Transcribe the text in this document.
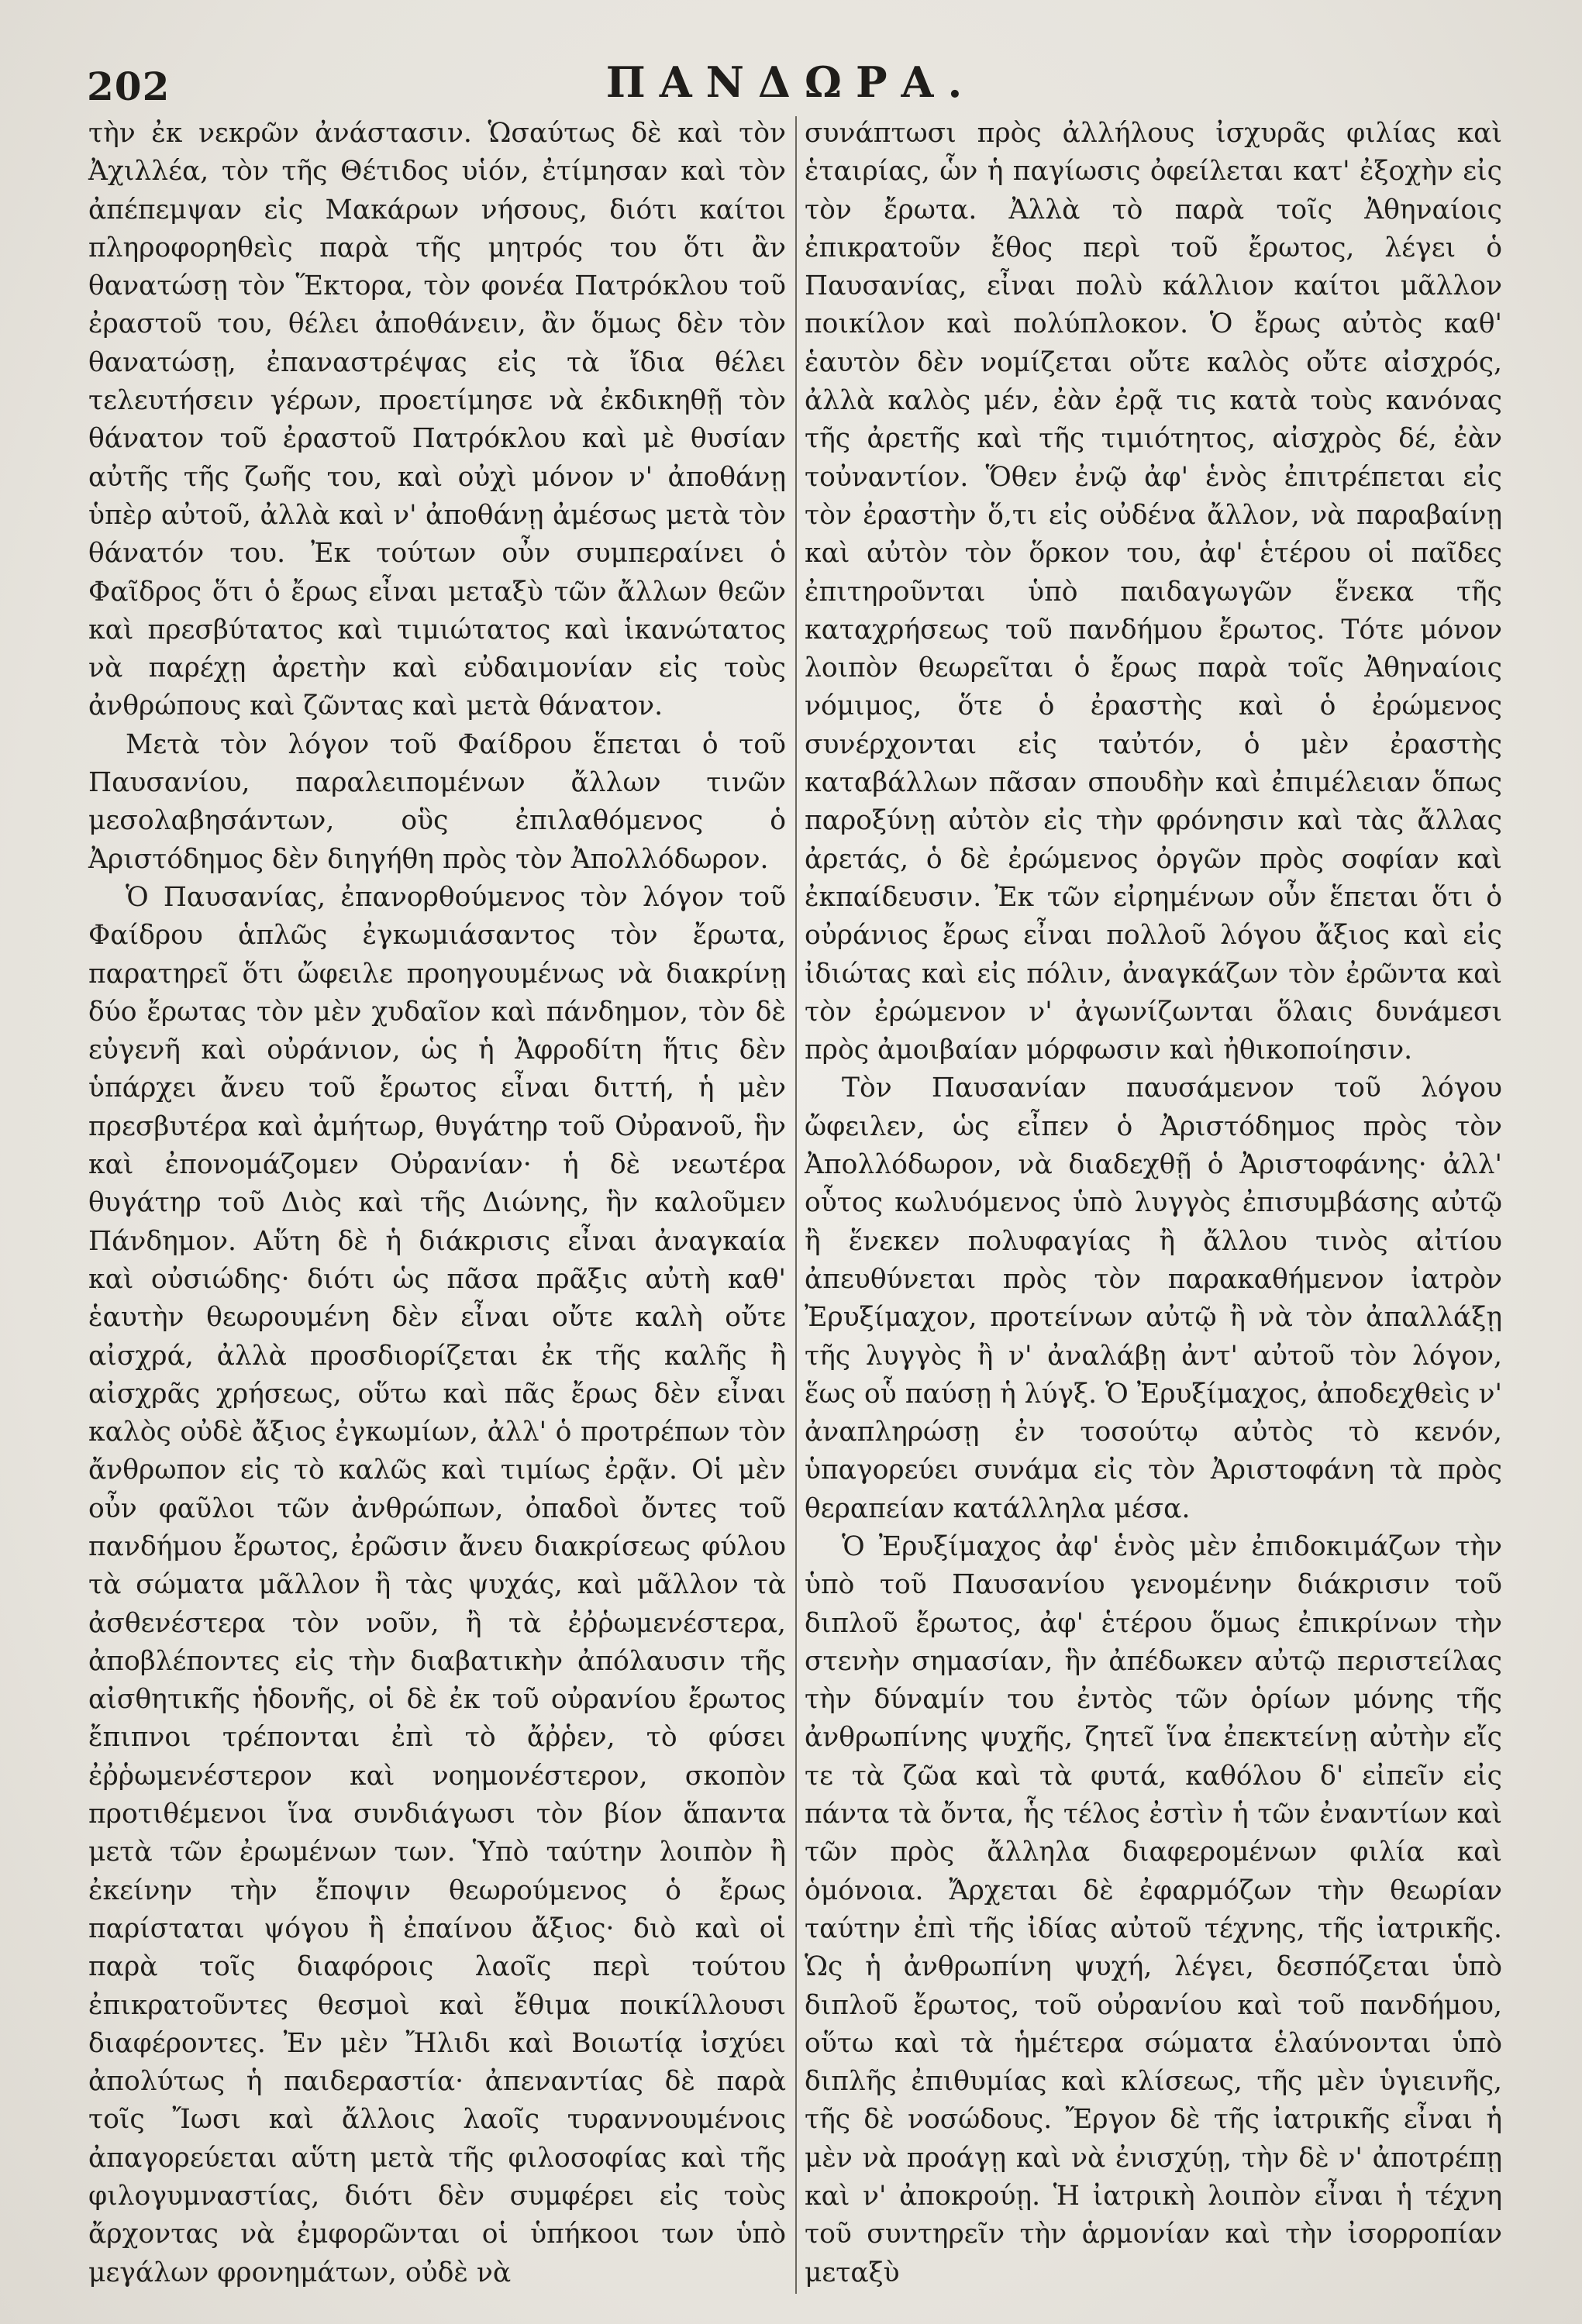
202	ΠΑΝΔΩΡΑ.

τὴν ἐκ νεκρῶν ἀνάστασιν. Ὡσαύτως δὲ καὶ τὸν Ἀχιλλέα, τὸν τῆς Θέτιδος υἱόν, ἐτίμησαν καὶ τὸν ἀπέπεμψαν εἰς Μακάρων νήσους, διότι καίτοι πληροφορηθεὶς παρὰ τῆς μητρός του ὅτι ἂν θανατώσῃ τὸν Ἕκτορα, τὸν φονέα Πατρόκλου τοῦ ἐραστοῦ του, θέλει ἀποθάνειν, ἂν ὅμως δὲν τὸν θανατώσῃ, ἐπαναστρέψας εἰς τὰ ἴδια θέλει τελευτήσειν γέρων, προετίμησε νὰ ἐκδικηθῇ τὸν θάνατον τοῦ ἐραστοῦ Πατρόκλου καὶ μὲ θυσίαν αὐτῆς τῆς ζωῆς του, καὶ οὐχὶ μόνον ν' ἀποθάνῃ ὑπὲρ αὐτοῦ, ἀλλὰ καὶ ν' ἀποθάνῃ ἀμέσως μετὰ τὸν θάνατόν του. Ἐκ τούτων οὖν συμπεραίνει ὁ Φαῖδρος ὅτι ὁ ἔρως εἶναι μεταξὺ τῶν ἄλλων θεῶν καὶ πρεσβύτατος καὶ τιμιώτατος καὶ ἱκανώτατος νὰ παρέχῃ ἀρετὴν καὶ εὐδαιμονίαν εἰς τοὺς ἀνθρώπους καὶ ζῶντας καὶ μετὰ θάνατον.

Μετὰ τὸν λόγον τοῦ Φαίδρου ἕπεται ὁ τοῦ Παυσανίου, παραλειπομένων ἄλλων τινῶν μεσολαβησάντων, οὓς ἐπιλαθόμενος ὁ Ἀριστόδημος δὲν διηγήθη πρὸς τὸν Ἀπολλόδωρον.

Ὁ Παυσανίας, ἐπανορθούμενος τὸν λόγον τοῦ Φαίδρου ἁπλῶς ἐγκωμιάσαντος τὸν ἔρωτα, παρατηρεῖ ὅτι ὤφειλε προηγουμένως νὰ διακρίνῃ δύο ἔρωτας τὸν μὲν χυδαῖον καὶ πάνδημον, τὸν δὲ εὐγενῆ καὶ οὐράνιον, ὡς ἡ Ἀφροδίτη ἥτις δὲν ὑπάρχει ἄνευ τοῦ ἔρωτος εἶναι διττή, ἡ μὲν πρεσβυτέρα καὶ ἀμήτωρ, θυγάτηρ τοῦ Οὐρανοῦ, ἣν καὶ ἐπονομάζομεν Οὐρανίαν· ἡ δὲ νεωτέρα θυγάτηρ τοῦ Διὸς καὶ τῆς Διώνης, ἣν καλοῦμεν Πάνδημον. Αὕτη δὲ ἡ διάκρισις εἶναι ἀναγκαία καὶ οὐσιώδης· διότι ὡς πᾶσα πρᾶξις αὐτὴ καθ' ἑαυτὴν θεωρουμένη δὲν εἶναι οὔτε καλὴ οὔτε αἰσχρά, ἀλλὰ προσδιορίζεται ἐκ τῆς καλῆς ἢ αἰσχρᾶς χρήσεως, οὕτω καὶ πᾶς ἔρως δὲν εἶναι καλὸς οὐδὲ ἄξιος ἐγκωμίων, ἀλλ' ὁ προτρέπων τὸν ἄνθρωπον εἰς τὸ καλῶς καὶ τιμίως ἐρᾷν. Οἱ μὲν οὖν φαῦλοι τῶν ἀνθρώπων, ὀπαδοὶ ὄντες τοῦ πανδήμου ἔρωτος, ἐρῶσιν ἄνευ διακρίσεως φύλου τὰ σώματα μᾶλλον ἢ τὰς ψυχάς, καὶ μᾶλλον τὰ ἀσθενέστερα τὸν νοῦν, ἢ τὰ ἐῤῥωμενέστερα, ἀποβλέποντες εἰς τὴν διαβατικὴν ἀπόλαυσιν τῆς αἰσθητικῆς ἡδονῆς, οἱ δὲ ἐκ τοῦ οὐρανίου ἔρωτος ἔπιπνοι τρέπονται ἐπὶ τὸ ἄῤῥεν, τὸ φύσει ἐῤῥωμενέστερον καὶ νοημονέστερον, σκοπὸν προτιθέμενοι ἵνα συνδιάγωσι τὸν βίον ἅπαντα μετὰ τῶν ἐρωμένων των. Ὑπὸ ταύτην λοιπὸν ἢ ἐκείνην τὴν ἔποψιν θεωρούμενος ὁ ἔρως παρίσταται ψόγου ἢ ἐπαίνου ἄξιος· διὸ καὶ οἱ παρὰ τοῖς διαφόροις λαοῖς περὶ τούτου ἐπικρατοῦντες θεσμοὶ καὶ ἔθιμα ποικίλλουσι διαφέροντες. Ἐν μὲν Ἤλιδι καὶ Βοιωτίᾳ ἰσχύει ἀπολύτως ἡ παιδεραστία· ἀπεναντίας δὲ παρὰ τοῖς Ἴωσι καὶ ἄλλοις λαοῖς τυραννουμένοις ἀπαγορεύεται αὕτη μετὰ τῆς φιλοσοφίας καὶ τῆς φιλογυμναστίας, διότι δὲν συμφέρει εἰς τοὺς ἄρχοντας νὰ ἐμφορῶνται οἱ ὑπήκοοι των ὑπὸ μεγάλων φρονημάτων, οὐδὲ νὰ

συνάπτωσι πρὸς ἀλλήλους ἰσχυρᾶς φιλίας καὶ ἑταιρίας, ὧν ἡ παγίωσις ὀφείλεται κατ' ἐξοχὴν εἰς τὸν ἔρωτα. Ἀλλὰ τὸ παρὰ τοῖς Ἀθηναίοις ἐπικρατοῦν ἔθος περὶ τοῦ ἔρωτος, λέγει ὁ Παυσανίας, εἶναι πολὺ κάλλιον καίτοι μᾶλλον ποικίλον καὶ πολύπλοκον. Ὁ ἔρως αὐτὸς καθ' ἑαυτὸν δὲν νομίζεται οὔτε καλὸς οὔτε αἰσχρός, ἀλλὰ καλὸς μέν, ἐὰν ἐρᾷ τις κατὰ τοὺς κανόνας τῆς ἀρετῆς καὶ τῆς τιμιότητος, αἰσχρὸς δέ, ἐὰν τοὐναντίον. Ὅθεν ἐνῷ ἀφ' ἑνὸς ἐπιτρέπεται εἰς τὸν ἐραστὴν ὅ,τι εἰς οὐδένα ἄλλον, νὰ παραβαίνῃ καὶ αὐτὸν τὸν ὅρκον του, ἀφ' ἑτέρου οἱ παῖδες ἐπιτηροῦνται ὑπὸ παιδαγωγῶν ἕνεκα τῆς καταχρήσεως τοῦ πανδήμου ἔρωτος. Τότε μόνον λοιπὸν θεωρεῖται ὁ ἔρως παρὰ τοῖς Ἀθηναίοις νόμιμος, ὅτε ὁ ἐραστὴς καὶ ὁ ἐρώμενος συνέρχονται εἰς ταὐτόν, ὁ μὲν ἐραστὴς καταβάλλων πᾶσαν σπουδὴν καὶ ἐπιμέλειαν ὅπως παροξύνῃ αὐτὸν εἰς τὴν φρόνησιν καὶ τὰς ἄλλας ἀρετάς, ὁ δὲ ἐρώμενος ὀργῶν πρὸς σοφίαν καὶ ἐκπαίδευσιν. Ἐκ τῶν εἰρημένων οὖν ἕπεται ὅτι ὁ οὐράνιος ἔρως εἶναι πολλοῦ λόγου ἄξιος καὶ εἰς ἰδιώτας καὶ εἰς πόλιν, ἀναγκάζων τὸν ἐρῶντα καὶ τὸν ἐρώμενον ν' ἀγωνίζωνται ὅλαις δυνάμεσι πρὸς ἀμοιβαίαν μόρφωσιν καὶ ἠθικοποίησιν.

Τὸν Παυσανίαν παυσάμενον τοῦ λόγου ὤφειλεν, ὡς εἶπεν ὁ Ἀριστόδημος πρὸς τὸν Ἀπολλόδωρον, νὰ διαδεχθῇ ὁ Ἀριστοφάνης· ἀλλ' οὗτος κωλυόμενος ὑπὸ λυγγὸς ἐπισυμβάσης αὐτῷ ἢ ἕνεκεν πολυφαγίας ἢ ἄλλου τινὸς αἰτίου ἀπευθύνεται πρὸς τὸν παρακαθήμενον ἰατρὸν Ἐρυξίμαχον, προτείνων αὐτῷ ἢ νὰ τὸν ἀπαλλάξῃ τῆς λυγγὸς ἢ ν' ἀναλάβῃ ἀντ' αὐτοῦ τὸν λόγον, ἕως οὗ παύσῃ ἡ λύγξ. Ὁ Ἐρυξίμαχος, ἀποδεχθεὶς ν' ἀναπληρώσῃ ἐν τοσούτῳ αὐτὸς τὸ κενόν, ὑπαγορεύει συνάμα εἰς τὸν Ἀριστοφάνη τὰ πρὸς θεραπείαν κατάλληλα μέσα.

Ὁ Ἐρυξίμαχος ἀφ' ἑνὸς μὲν ἐπιδοκιμάζων τὴν ὑπὸ τοῦ Παυσανίου γενομένην διάκρισιν τοῦ διπλοῦ ἔρωτος, ἀφ' ἑτέρου ὅμως ἐπικρίνων τὴν στενὴν σημασίαν, ἣν ἀπέδωκεν αὐτῷ περιστείλας τὴν δύναμίν του ἐντὸς τῶν ὁρίων μόνης τῆς ἀνθρωπίνης ψυχῆς, ζητεῖ ἵνα ἐπεκτείνῃ αὐτὴν εἴς τε τὰ ζῶα καὶ τὰ φυτά, καθόλου δ' εἰπεῖν εἰς πάντα τὰ ὄντα, ἧς τέλος ἐστὶν ἡ τῶν ἐναντίων καὶ τῶν πρὸς ἄλληλα διαφερομένων φιλία καὶ ὁμόνοια. Ἄρχεται δὲ ἐφαρμόζων τὴν θεωρίαν ταύτην ἐπὶ τῆς ἰδίας αὐτοῦ τέχνης, τῆς ἰατρικῆς. Ὡς ἡ ἀνθρωπίνη ψυχή, λέγει, δεσπόζεται ὑπὸ διπλοῦ ἔρωτος, τοῦ οὐρανίου καὶ τοῦ πανδήμου, οὕτω καὶ τὰ ἡμέτερα σώματα ἑλαύνονται ὑπὸ διπλῆς ἐπιθυμίας καὶ κλίσεως, τῆς μὲν ὑγιεινῆς, τῆς δὲ νοσώδους. Ἔργον δὲ τῆς ἰατρικῆς εἶναι ἡ μὲν νὰ προάγῃ καὶ νὰ ἐνισχύῃ, τὴν δὲ ν' ἀποτρέπῃ καὶ ν' ἀποκρούῃ. Ἡ ἰατρικὴ λοιπὸν εἶναι ἡ τέχνη τοῦ συντηρεῖν τὴν ἁρμονίαν καὶ τὴν ἰσορροπίαν μεταξὺ
